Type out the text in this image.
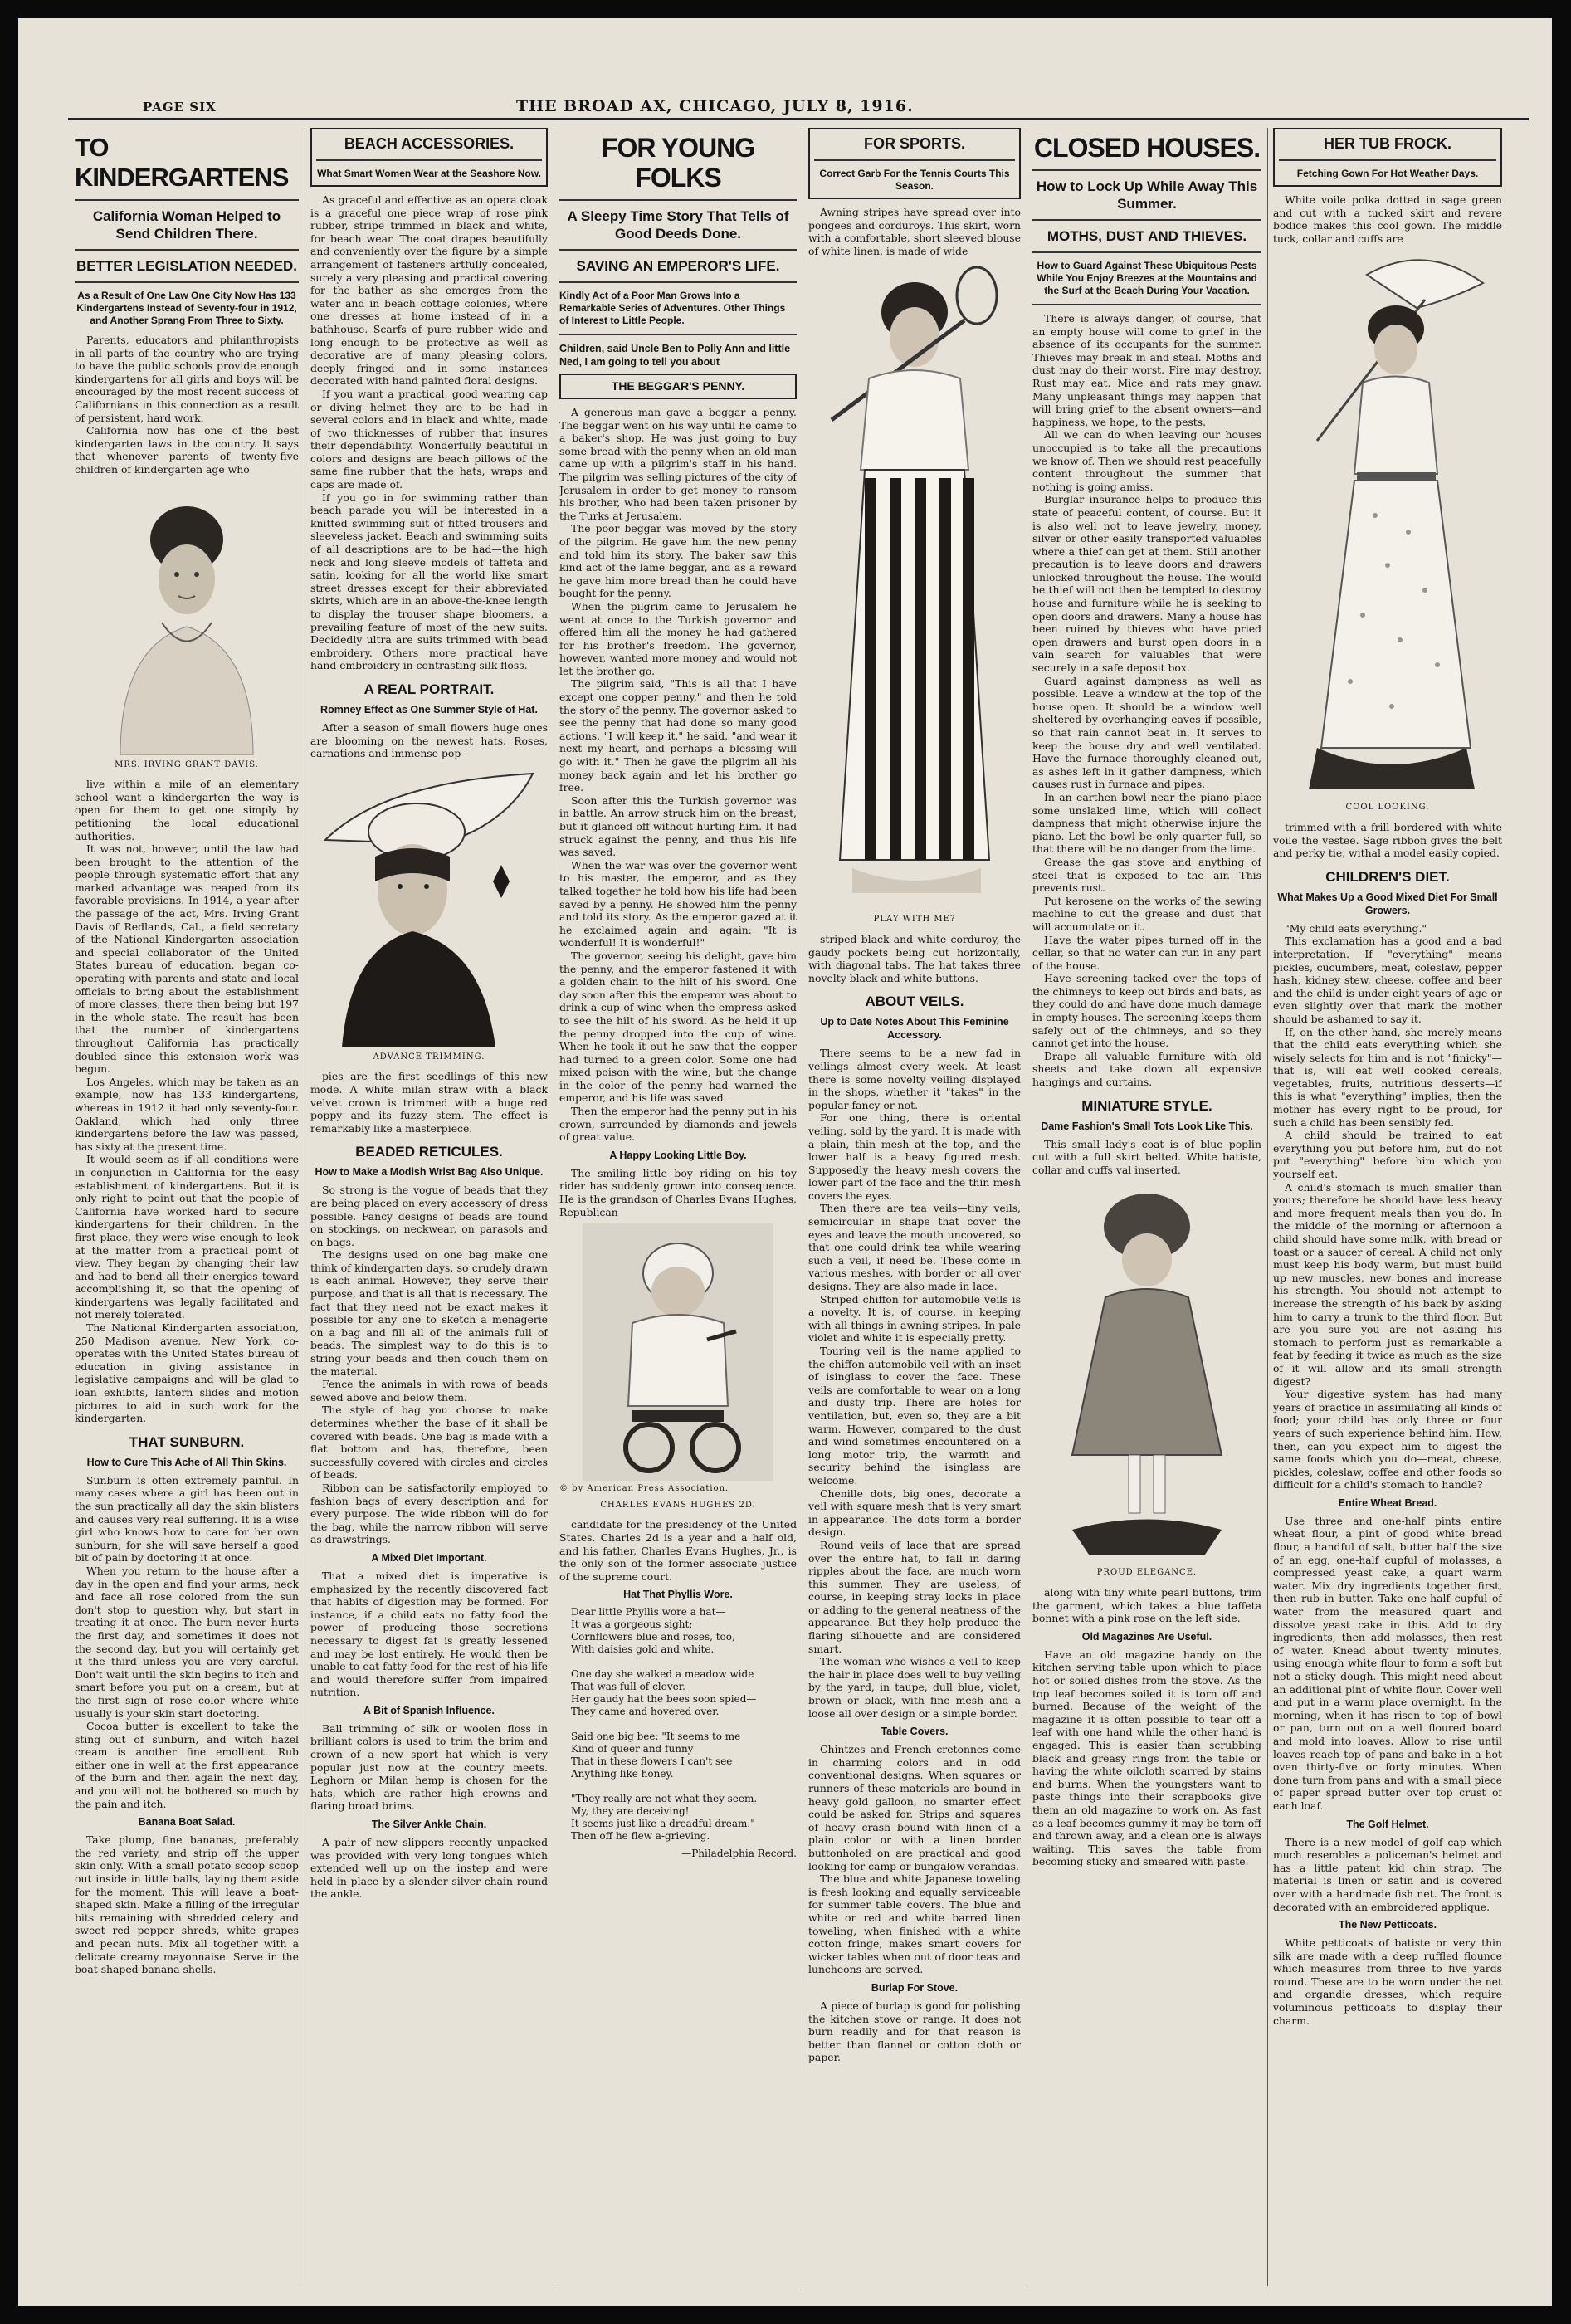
PAGE SIX	THE BROAD AX, CHICAGO, JULY 8, 1916.
TO KINDERGARTENS
California Woman Helped to Send Children There.
BETTER LEGISLATION NEEDED.
As a Result of One Law One City Now Has 133 Kindergartens Instead of Seventy-four in 1912, and Another Sprang From Three to Sixty.

Parents, educators and philanthropists in all parts of the country who are trying to have the public schools provide enough kindergartens for all girls and boys will be encouraged by the most recent success of Californians in this connection as a result of persistent, hard work.

California now has one of the best kindergarten laws in the country. It says that whenever parents of twenty-five children of kindergarten age who

MRS. IRVING GRANT DAVIS.

live within a mile of an elementary school want a kindergarten the way is open for them to get one simply by petitioning the local educational authorities.

It was not, however, until the law had been brought to the attention of the people through systematic effort that any marked advantage was reaped from its favorable provisions. In 1914, a year after the passage of the act, Mrs. Irving Grant Davis of Redlands, Cal., a field secretary of the National Kindergarten association and special collaborator of the United States bureau of education, began co-operating with parents and state and local officials to bring about the establishment of more classes, there then being but 197 in the whole state. The result has been that the number of kindergartens throughout California has practically doubled since this extension work was begun.

Los Angeles, which may be taken as an example, now has 133 kindergartens, whereas in 1912 it had only seventy-four. Oakland, which had only three kindergartens before the law was passed, has sixty at the present time.

It would seem as if all conditions were in conjunction in California for the easy establishment of kindergartens. But it is only right to point out that the people of California have worked hard to secure kindergartens for their children. In the first place, they were wise enough to look at the matter from a practical point of view. They began by changing their law and had to bend all their energies toward accomplishing it, so that the opening of kindergartens was legally facilitated and not merely tolerated.

The National Kindergarten association, 250 Madison avenue, New York, co-operates with the United States bureau of education in giving assistance in legislative campaigns and will be glad to loan exhibits, lantern slides and motion pictures to aid in such work for the kindergarten.

THAT SUNBURN.
How to Cure This Ache of All Thin Skins.

Sunburn is often extremely painful. In many cases where a girl has been out in the sun practically all day the skin blisters and causes very real suffering. It is a wise girl who knows how to care for her own sunburn, for she will save herself a good bit of pain by doctoring it at once.

When you return to the house after a day in the open and find your arms, neck and face all rose colored from the sun don't stop to question why, but start in treating it at once. The burn never hurts the first day, and sometimes it does not the second day, but you will certainly get it the third unless you are very careful. Don't wait until the skin begins to itch and smart before you put on a cream, but at the first sign of rose color where white usually is your skin start doctoring.

Cocoa butter is excellent to take the sting out of sunburn, and witch hazel cream is another fine emollient. Rub either one in well at the first appearance of the burn and then again the next day, and you will not be bothered so much by the pain and itch.

Banana Boat Salad.

Take plump, fine bananas, preferably the red variety, and strip off the upper skin only. With a small potato scoop scoop out inside in little balls, laying them aside for the moment. This will leave a boat-shaped skin. Make a filling of the irregular bits remaining with shredded celery and sweet red pepper shreds, white grapes and pecan nuts. Mix all together with a delicate creamy mayonnaise. Serve in the boat shaped banana shells.

BEACH ACCESSORIES.
What Smart Women Wear at the Seashore Now.

As graceful and effective as an opera cloak is a graceful one piece wrap of rose pink rubber, stripe trimmed in black and white, for beach wear. The coat drapes beautifully and conveniently over the figure by a simple arrangement of fasteners artfully concealed, surely a very pleasing and practical covering for the bather as she emerges from the water and in beach cottage colonies, where one dresses at home instead of in a bathhouse. Scarfs of pure rubber wide and long enough to be protective as well as decorative are of many pleasing colors, deeply fringed and in some instances decorated with hand painted floral designs.

If you want a practical, good wearing cap or diving helmet they are to be had in several colors and in black and white, made of two thicknesses of rubber that insures their dependability. Wonderfully beautiful in colors and designs are beach pillows of the same fine rubber that the hats, wraps and caps are made of.

If you go in for swimming rather than beach parade you will be interested in a knitted swimming suit of fitted trousers and sleeveless jacket. Beach and swimming suits of all descriptions are to be had—the high neck and long sleeve models of taffeta and satin, looking for all the world like smart street dresses except for their abbreviated skirts, which are in an above-the-knee length to display the trouser shape bloomers, a prevailing feature of most of the new suits. Decidedly ultra are suits trimmed with bead embroidery. Others more practical have hand embroidery in contrasting silk floss.

A REAL PORTRAIT.
Romney Effect as One Summer Style of Hat.

After a season of small flowers huge ones are blooming on the newest hats. Roses, carnations and immense pop-

ADVANCE TRIMMING.

pies are the first seedlings of this new mode. A white milan straw with a black velvet crown is trimmed with a huge red poppy and its fuzzy stem. The effect is remarkably like a masterpiece.

BEADED RETICULES.
How to Make a Modish Wrist Bag Also Unique.

So strong is the vogue of beads that they are being placed on every accessory of dress possible. Fancy designs of beads are found on stockings, on neckwear, on parasols and on bags.

The designs used on one bag make one think of kindergarten days, so crudely drawn is each animal. However, they serve their purpose, and that is all that is necessary. The fact that they need not be exact makes it possible for any one to sketch a menagerie on a bag and fill all of the animals full of beads. The simplest way to do this is to string your beads and then couch them on the material.

Fence the animals in with rows of beads sewed above and below them.

The style of bag you choose to make determines whether the base of it shall be covered with beads. One bag is made with a flat bottom and has, therefore, been successfully covered with circles and circles of beads.

Ribbon can be satisfactorily employed to fashion bags of every description and for every purpose. The wide ribbon will do for the bag, while the narrow ribbon will serve as drawstrings.

A Mixed Diet Important.

That a mixed diet is imperative is emphasized by the recently discovered fact that habits of digestion may be formed. For instance, if a child eats no fatty food the power of producing those secretions necessary to digest fat is greatly lessened and may be lost entirely. He would then be unable to eat fatty food for the rest of his life and would therefore suffer from impaired nutrition.

A Bit of Spanish Influence.

Ball trimming of silk or woolen floss in brilliant colors is used to trim the brim and crown of a new sport hat which is very popular just now at the country meets. Leghorn or Milan hemp is chosen for the hats, which are rather high crowns and flaring broad brims.

The Silver Ankle Chain.

A pair of new slippers recently unpacked was provided with very long tongues which extended well up on the instep and were held in place by a slender silver chain round the ankle.

FOR YOUNG FOLKS
A Sleepy Time Story That Tells of Good Deeds Done.
SAVING AN EMPEROR'S LIFE.
Kindly Act of a Poor Man Grows Into a Remarkable Series of Adventures. Other Things of Interest to Little People.
Children, said Uncle Ben to Polly Ann and little Ned, I am going to tell you about
THE BEGGAR'S PENNY.

A generous man gave a beggar a penny. The beggar went on his way until he came to a baker's shop. He was just going to buy some bread with the penny when an old man came up with a pilgrim's staff in his hand. The pilgrim was selling pictures of the city of Jerusalem in order to get money to ransom his brother, who had been taken prisoner by the Turks at Jerusalem.

The poor beggar was moved by the story of the pilgrim. He gave him the new penny and told him its story. The baker saw this kind act of the lame beggar, and as a reward he gave him more bread than he could have bought for the penny.

When the pilgrim came to Jerusalem he went at once to the Turkish governor and offered him all the money he had gathered for his brother's freedom. The governor, however, wanted more money and would not let the brother go.

The pilgrim said, "This is all that I have except one copper penny," and then he told the story of the penny. The governor asked to see the penny that had done so many good actions. "I will keep it," he said, "and wear it next my heart, and perhaps a blessing will go with it." Then he gave the pilgrim all his money back again and let his brother go free.

Soon after this the Turkish governor was in battle. An arrow struck him on the breast, but it glanced off without hurting him. It had struck against the penny, and thus his life was saved.

When the war was over the governor went to his master, the emperor, and as they talked together he told how his life had been saved by a penny. He showed him the penny and told its story. As the emperor gazed at it he exclaimed again and again: "It is wonderful! It is wonderful!"

The governor, seeing his delight, gave him the penny, and the emperor fastened it with a golden chain to the hilt of his sword. One day soon after this the emperor was about to drink a cup of wine when the empress asked to see the hilt of his sword. As he held it up the penny dropped into the cup of wine. When he took it out he saw that the copper had turned to a green color. Some one had mixed poison with the wine, but the change in the color of the penny had warned the emperor, and his life was saved.

Then the emperor had the penny put in his crown, surrounded by diamonds and jewels of great value.

A Happy Looking Little Boy.

The smiling little boy riding on his toy rider has suddenly grown into consequence. He is the grandson of Charles Evans Hughes, Republican

© by American Press Association.
CHARLES EVANS HUGHES 2D.

candidate for the presidency of the United States. Charles 2d is a year and a half old, and his father, Charles Evans Hughes, Jr., is the only son of the former associate justice of the supreme court.

Hat That Phyllis Wore.
Dear little Phyllis wore a hat—
It was a gorgeous sight;
Cornflowers blue and roses, too,
With daisies gold and white.

One day she walked a meadow wide
That was full of clover.
Her gaudy hat the bees soon spied—
They came and hovered over.

Said one big bee: "It seems to me
Kind of queer and funny
That in these flowers I can't see
Anything like honey.

"They really are not what they seem.
My, they are deceiving!
It seems just like a dreadful dream."
Then off he flew a-grieving.
—Philadelphia Record.
FOR SPORTS.
Correct Garb For the Tennis Courts This Season.

Awning stripes have spread over into pongees and corduroys. This skirt, worn with a comfortable, short sleeved blouse of white linen, is made of wide

PLAY WITH ME?

striped black and white corduroy, the gaudy pockets being cut horizontally, with diagonal tabs. The hat takes three novelty black and white buttons.

ABOUT VEILS.
Up to Date Notes About This Feminine Accessory.

There seems to be a new fad in veilings almost every week. At least there is some novelty veiling displayed in the shops, whether it "takes" in the popular fancy or not.

For one thing, there is oriental veiling, sold by the yard. It is made with a plain, thin mesh at the top, and the lower half is a heavy figured mesh. Supposedly the heavy mesh covers the lower part of the face and the thin mesh covers the eyes.

Then there are tea veils—tiny veils, semicircular in shape that cover the eyes and leave the mouth uncovered, so that one could drink tea while wearing such a veil, if need be. These come in various meshes, with border or all over designs. They are also made in lace.

Striped chiffon for automobile veils is a novelty. It is, of course, in keeping with all things in awning stripes. In pale violet and white it is especially pretty.

Touring veil is the name applied to the chiffon automobile veil with an inset of isinglass to cover the face. These veils are comfortable to wear on a long and dusty trip. There are holes for ventilation, but, even so, they are a bit warm. However, compared to the dust and wind sometimes encountered on a long motor trip, the warmth and security behind the isinglass are welcome.

Chenille dots, big ones, decorate a veil with square mesh that is very smart in appearance. The dots form a border design.

Round veils of lace that are spread over the entire hat, to fall in daring ripples about the face, are much worn this summer. They are useless, of course, in keeping stray locks in place or adding to the general neatness of the appearance. But they help produce the flaring silhouette and are considered smart.

The woman who wishes a veil to keep the hair in place does well to buy veiling by the yard, in taupe, dull blue, violet, brown or black, with fine mesh and a loose all over design or a simple border.

Table Covers.

Chintzes and French cretonnes come in charming colors and in odd conventional designs. When squares or runners of these materials are bound in heavy gold galloon, no smarter effect could be asked for. Strips and squares of heavy crash bound with linen of a plain color or with a linen border buttonholed on are practical and good looking for camp or bungalow verandas.

The blue and white Japanese toweling is fresh looking and equally serviceable for summer table covers. The blue and white or red and white barred linen toweling, when finished with a white cotton fringe, makes smart covers for wicker tables when out of door teas and luncheons are served.

Burlap For Stove.

A piece of burlap is good for polishing the kitchen stove or range. It does not burn readily and for that reason is better than flannel or cotton cloth or paper.

CLOSED HOUSES.
How to Lock Up While Away This Summer.
MOTHS, DUST AND THIEVES.
How to Guard Against These Ubiquitous Pests While You Enjoy Breezes at the Mountains and the Surf at the Beach During Your Vacation.

There is always danger, of course, that an empty house will come to grief in the absence of its occupants for the summer. Thieves may break in and steal. Moths and dust may do their worst. Fire may destroy. Rust may eat. Mice and rats may gnaw. Many unpleasant things may happen that will bring grief to the absent owners—and happiness, we hope, to the pests.

All we can do when leaving our houses unoccupied is to take all the precautions we know of. Then we should rest peacefully content throughout the summer that nothing is going amiss.

Burglar insurance helps to produce this state of peaceful content, of course. But it is also well not to leave jewelry, money, silver or other easily transported valuables where a thief can get at them. Still another precaution is to leave doors and drawers unlocked throughout the house. The would be thief will not then be tempted to destroy house and furniture while he is seeking to open doors and drawers. Many a house has been ruined by thieves who have pried open drawers and burst open doors in a vain search for valuables that were securely in a safe deposit box.

Guard against dampness as well as possible. Leave a window at the top of the house open. It should be a window well sheltered by overhanging eaves if possible, so that rain cannot beat in. It serves to keep the house dry and well ventilated. Have the furnace thoroughly cleaned out, as ashes left in it gather dampness, which causes rust in furnace and pipes.

In an earthen bowl near the piano place some unslaked lime, which will collect dampness that might otherwise injure the piano. Let the bowl be only quarter full, so that there will be no danger from the lime.

Grease the gas stove and anything of steel that is exposed to the air. This prevents rust.

Put kerosene on the works of the sewing machine to cut the grease and dust that will accumulate on it.

Have the water pipes turned off in the cellar, so that no water can run in any part of the house.

Have screening tacked over the tops of the chimneys to keep out birds and bats, as they could do and have done much damage in empty houses. The screening keeps them safely out of the chimneys, and so they cannot get into the house.

Drape all valuable furniture with old sheets and take down all expensive hangings and curtains.

MINIATURE STYLE.
Dame Fashion's Small Tots Look Like This.

This small lady's coat is of blue poplin cut with a full skirt belted. White batiste, collar and cuffs val inserted,

PROUD ELEGANCE.

along with tiny white pearl buttons, trim the garment, which takes a blue taffeta bonnet with a pink rose on the left side.

Old Magazines Are Useful.

Have an old magazine handy on the kitchen serving table upon which to place hot or soiled dishes from the stove. As the top leaf becomes soiled it is torn off and burned. Because of the weight of the magazine it is often possible to tear off a leaf with one hand while the other hand is engaged. This is easier than scrubbing black and greasy rings from the table or having the white oilcloth scarred by stains and burns. When the youngsters want to paste things into their scrapbooks give them an old magazine to work on. As fast as a leaf becomes gummy it may be torn off and thrown away, and a clean one is always waiting. This saves the table from becoming sticky and smeared with paste.

HER TUB FROCK.
Fetching Gown For Hot Weather Days.

White voile polka dotted in sage green and cut with a tucked skirt and revere bodice makes this cool gown. The middle tuck, collar and cuffs are

COOL LOOKING.

trimmed with a frill bordered with white voile the vestee. Sage ribbon gives the belt and perky tie, withal a model easily copied.

CHILDREN'S DIET.
What Makes Up a Good Mixed Diet For Small Growers.

"My child eats everything."

This exclamation has a good and a bad interpretation. If "everything" means pickles, cucumbers, meat, coleslaw, pepper hash, kidney stew, cheese, coffee and beer and the child is under eight years of age or even slightly over that mark the mother should be ashamed to say it.

If, on the other hand, she merely means that the child eats everything which she wisely selects for him and is not "finicky"—that is, will eat well cooked cereals, vegetables, fruits, nutritious desserts—if this is what "everything" implies, then the mother has every right to be proud, for such a child has been sensibly fed.

A child should be trained to eat everything you put before him, but do not put "everything" before him which you yourself eat.

A child's stomach is much smaller than yours; therefore he should have less heavy and more frequent meals than you do. In the middle of the morning or afternoon a child should have some milk, with bread or toast or a saucer of cereal. A child not only must keep his body warm, but must build up new muscles, new bones and increase his strength. You should not attempt to increase the strength of his back by asking him to carry a trunk to the third floor. But are you sure you are not asking his stomach to perform just as remarkable a feat by feeding it twice as much as the size of it will allow and its small strength digest?

Your digestive system has had many years of practice in assimilating all kinds of food; your child has only three or four years of such experience behind him. How, then, can you expect him to digest the same foods which you do—meat, cheese, pickles, coleslaw, coffee and other foods so difficult for a child's stomach to handle?

Entire Wheat Bread.

Use three and one-half pints entire wheat flour, a pint of good white bread flour, a handful of salt, butter half the size of an egg, one-half cupful of molasses, a compressed yeast cake, a quart warm water. Mix dry ingredients together first, then rub in butter. Take one-half cupful of water from the measured quart and dissolve yeast cake in this. Add to dry ingredients, then add molasses, then rest of water. Knead about twenty minutes, using enough white flour to form a soft but not a sticky dough. This might need about an additional pint of white flour. Cover well and put in a warm place overnight. In the morning, when it has risen to top of bowl or pan, turn out on a well floured board and mold into loaves. Allow to rise until loaves reach top of pans and bake in a hot oven thirty-five or forty minutes. When done turn from pans and with a small piece of paper spread butter over top crust of each loaf.

The Golf Helmet.

There is a new model of golf cap which much resembles a policeman's helmet and has a little patent kid chin strap. The material is linen or satin and is covered over with a handmade fish net. The front is decorated with an embroidered applique.

The New Petticoats.

White petticoats of batiste or very thin silk are made with a deep ruffled flounce which measures from three to five yards round. These are to be worn under the net and organdie dresses, which require voluminous petticoats to display their charm.
